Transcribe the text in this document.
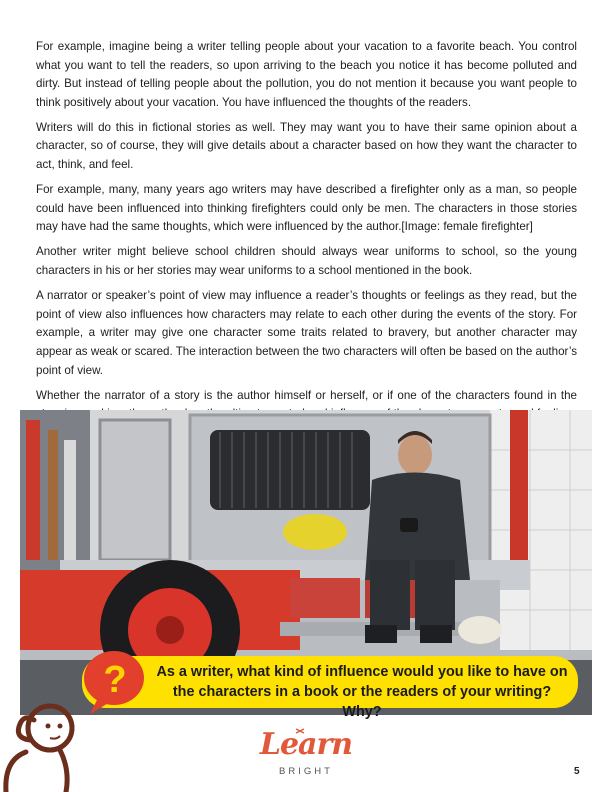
For example, imagine being a writer telling people about your vacation to a favorite beach. You control what you want to tell the readers, so upon arriving to the beach you notice it has become polluted and dirty. But instead of telling people about the pollution, you do not mention it because you want people to think positively about your vacation. You have influenced the thoughts of the readers.

Writers will do this in fictional stories as well. They may want you to have their same opinion about a character, so of course, they will give details about a character based on how they want the character to act, think, and feel.

For example, many, many years ago writers may have described a firefighter only as a man, so people could have been influenced into thinking firefighters could only be men. The characters in those stories may have had the same thoughts, which were influenced by the author.[Image: female firefighter]

Another writer might believe school children should always wear uniforms to school, so the young characters in his or her stories may wear uniforms to a school mentioned in the book.

A narrator or speaker’s point of view may influence a reader’s thoughts or feelings as they read, but the point of view also influences how characters may relate to each other during the events of the story. For example, a writer may give one character some traits related to bravery, but another character may appear as weak or scared. The interaction between the two characters will often be based on the author’s point of view.

Whether the narrator of a story is the author himself or herself, or if one of the characters found in the

As a writer, what kind of influence would you like to have on
the characters in a book or the readers of your writing? Why?
?
Learn
BRIGHT	5
